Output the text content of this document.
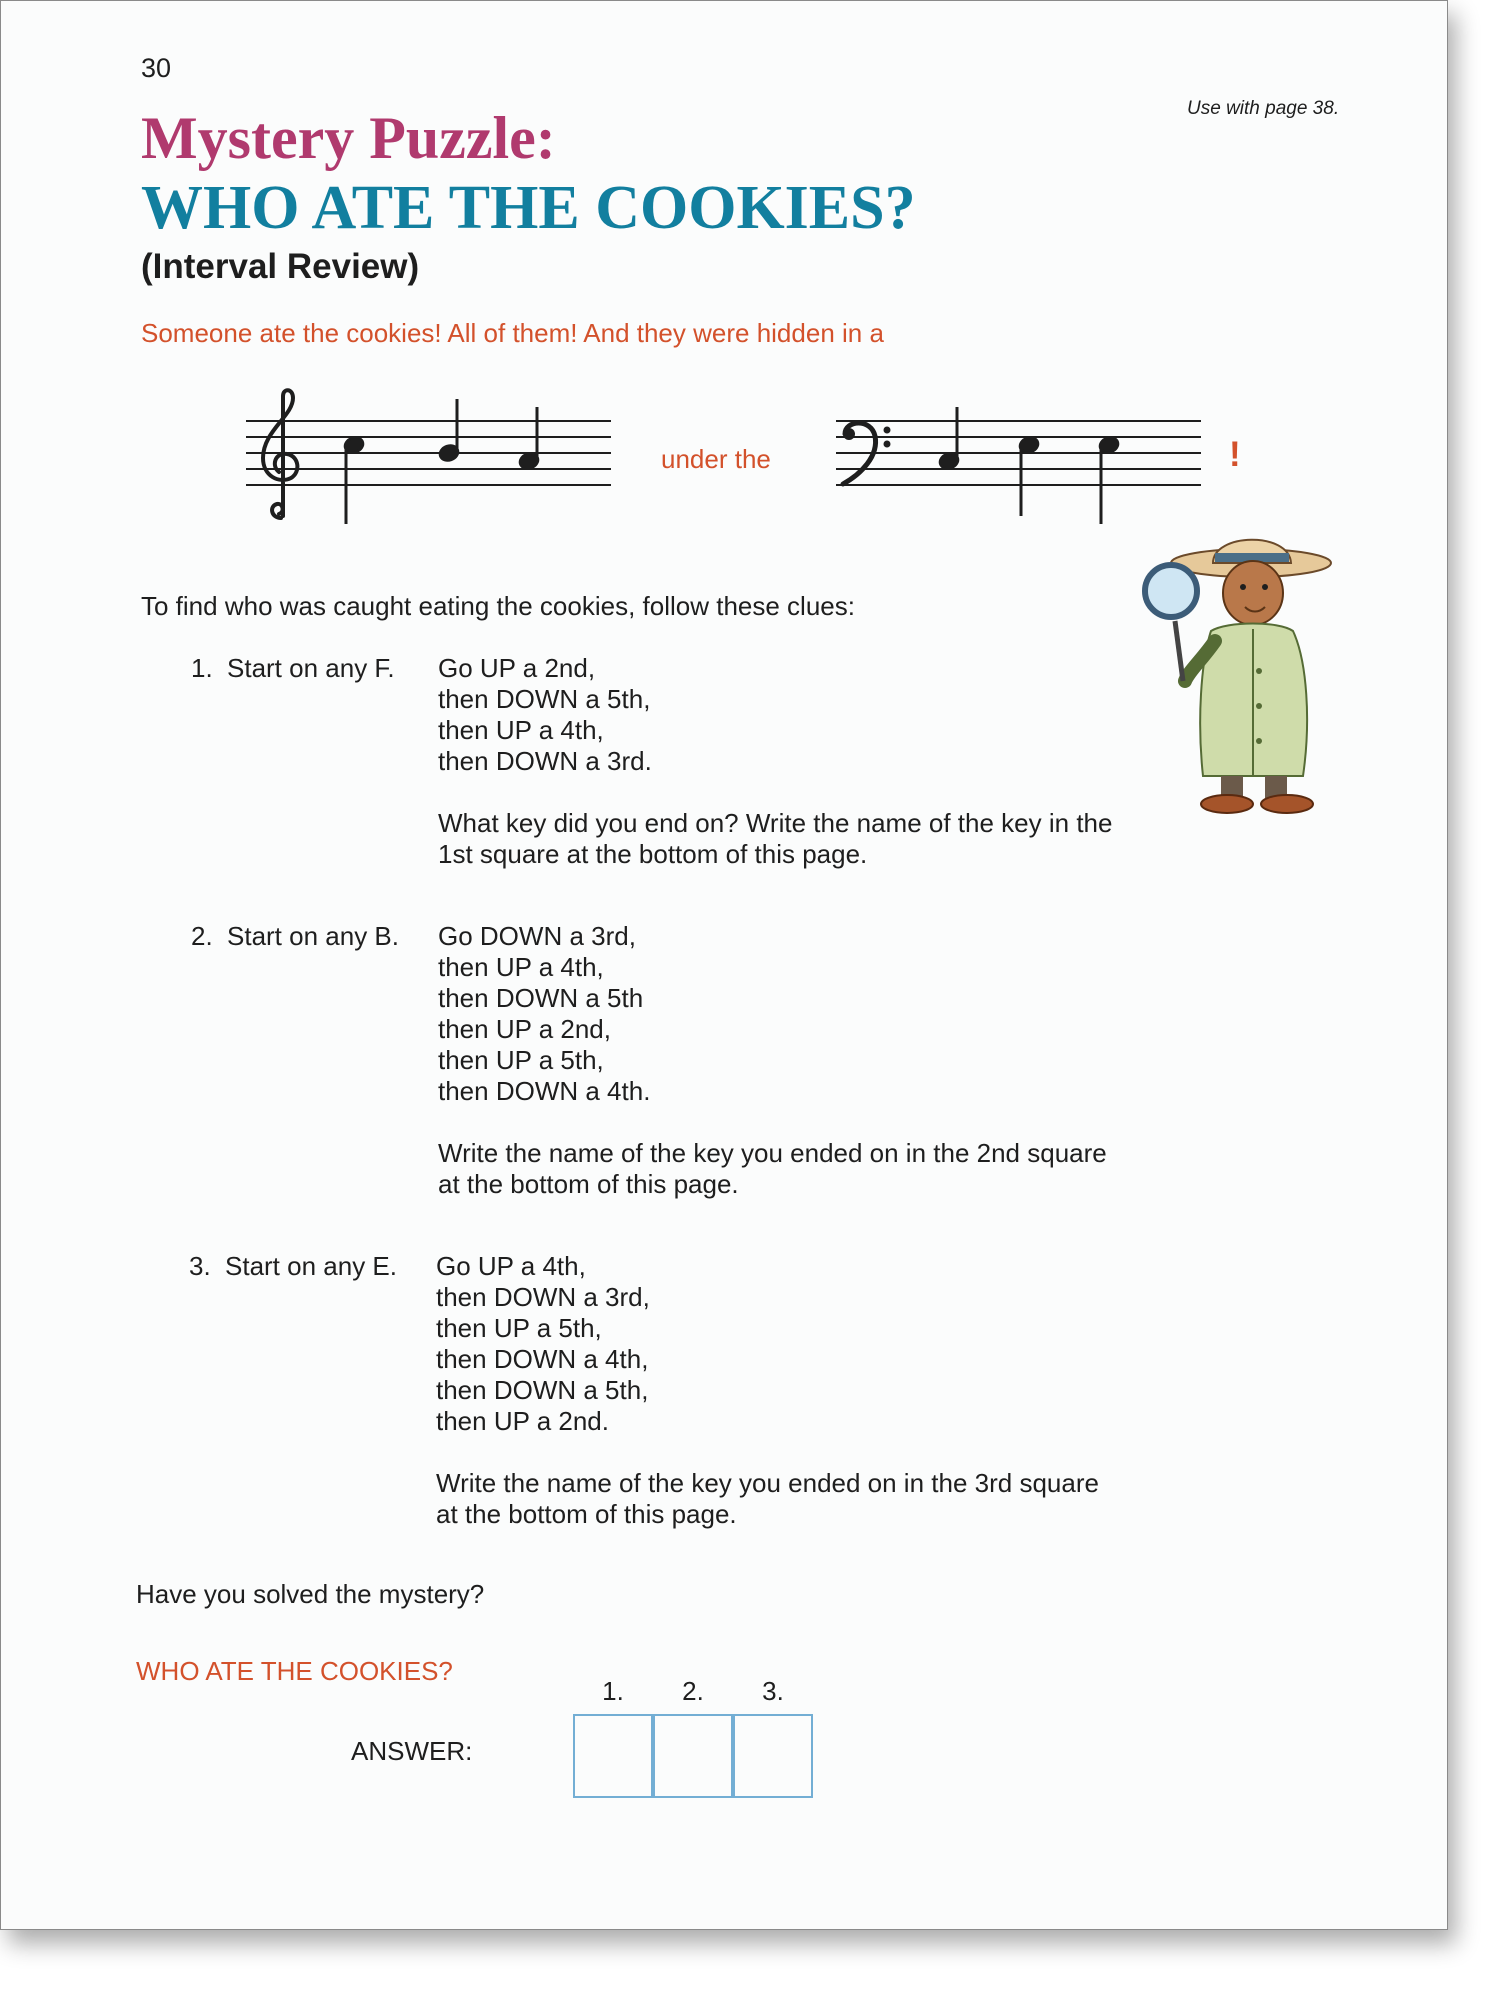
30
Use with page 38.
Mystery Puzzle:
WHO ATE THE COOKIES?
(Interval Review)
Someone ate the cookies! All of them! And they were hidden in a
under the	!
To find who was caught eating the cookies, follow these clues:
1. Start on any F. Go UP a 2nd,
then DOWN a 5th,
then UP a 4th,
then DOWN a 3rd.
What key did you end on? Write the name of the key in the
1st square at the bottom of this page.
2. Start on any B. Go DOWN a 3rd,
then UP a 4th,
then DOWN a 5th
then UP a 2nd,
then UP a 5th,
then DOWN a 4th.
Write the name of the key you ended on in the 2nd square
at the bottom of this page.
3. Start on any E. Go UP a 4th,
then DOWN a 3rd,
then UP a 5th,
then DOWN a 4th,
then DOWN a 5th,
then UP a 2nd.
Write the name of the key you ended on in the 3rd square
at the bottom of this page.
Have you solved the mystery?
WHO ATE THE COOKIES?
ANSWER:
1.	2.	3.
